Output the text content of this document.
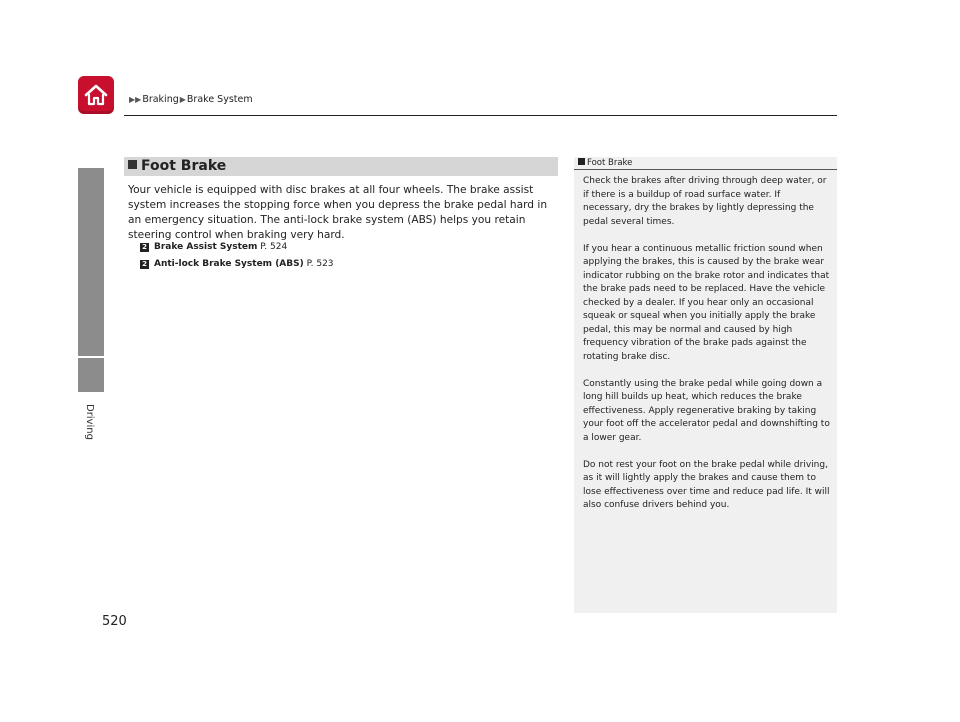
▶▶Braking▶Brake System
Driving
Foot Brake
Your vehicle is equipped with disc brakes at all four wheels. The brake assist system increases the stopping force when you depress the brake pedal hard in an emergency situation. The anti-lock brake system (ABS) helps you retain steering control when braking very hard.
2 Brake Assist System P. 524
2 Anti-lock Brake System (ABS) P. 523
Foot Brake

Check the brakes after driving through deep water, or if there is a buildup of road surface water. If necessary, dry the brakes by lightly depressing the pedal several times.

If you hear a continuous metallic friction sound when applying the brakes, this is caused by the brake wear indicator rubbing on the brake rotor and indicates that the brake pads need to be replaced. Have the vehicle checked by a dealer. If you hear only an occasional squeak or squeal when you initially apply the brake pedal, this may be normal and caused by high frequency vibration of the brake pads against the rotating brake disc.

Constantly using the brake pedal while going down a long hill builds up heat, which reduces the brake effectiveness. Apply regenerative braking by taking your foot off the accelerator pedal and downshifting to a lower gear.

Do not rest your foot on the brake pedal while driving, as it will lightly apply the brakes and cause them to lose effectiveness over time and reduce pad life. It will also confuse drivers behind you.

520
